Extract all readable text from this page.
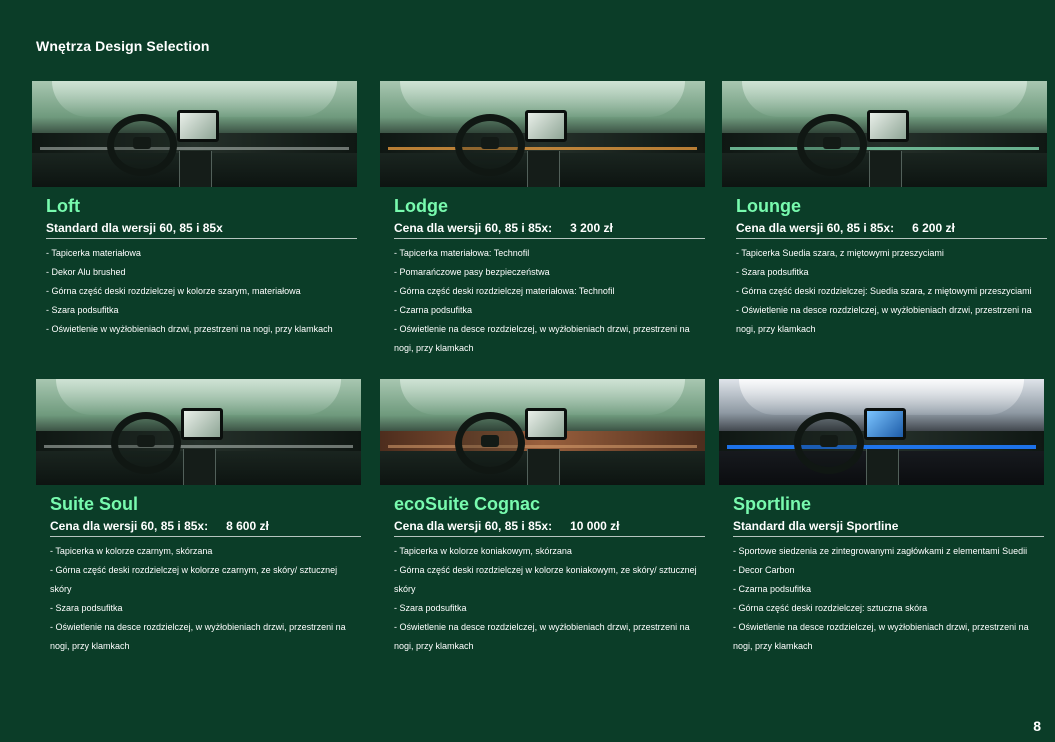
Wnętrza Design Selection
Loft
Standard dla wersji 60, 85 i 85x
- Tapicerka materiałowa
- Dekor Alu brushed
- Górna część deski rozdzielczej w kolorze szarym, materiałowa
- Szara podsufitka
- Oświetlenie w wyżłobieniach drzwi, przestrzeni na nogi, przy klamkach
Lodge
Cena dla wersji 60, 85 i 85x: 3 200 zł
- Tapicerka materiałowa: Technofil
- Pomarańczowe pasy bezpieczeństwa
- Górna część deski rozdzielczej materiałowa: Technofil
- Czarna podsufitka
- Oświetlenie na desce rozdzielczej, w wyżłobieniach drzwi, przestrzeni na nogi, przy klamkach
Lounge
Cena dla wersji 60, 85 i 85x: 6 200 zł
- Tapicerka Suedia szara, z miętowymi przeszyciami
- Szara podsufitka
- Górna część deski rozdzielczej: Suedia szara, z miętowymi przeszyciami
- Oświetlenie na desce rozdzielczej, w wyżłobieniach drzwi, przestrzeni na nogi, przy klamkach
Suite Soul
Cena dla wersji 60, 85 i 85x: 8 600 zł
- Tapicerka w kolorze czarnym, skórzana
- Górna część deski rozdzielczej w kolorze czarnym, ze skóry/ sztucznej skóry
- Szara podsufitka
- Oświetlenie na desce rozdzielczej, w wyżłobieniach drzwi, przestrzeni na nogi, przy klamkach
ecoSuite Cognac
Cena dla wersji 60, 85 i 85x: 10 000 zł
- Tapicerka w kolorze koniakowym, skórzana
- Górna część deski rozdzielczej w kolorze koniakowym, ze skóry/ sztucznej skóry
- Szara podsufitka
- Oświetlenie na desce rozdzielczej, w wyżłobieniach drzwi, przestrzeni na nogi, przy klamkach
Sportline
Standard dla wersji Sportline
- Sportowe siedzenia ze zintegrowanymi zagłówkami z elementami Suedii
- Decor Carbon
- Czarna podsufitka
- Górna część deski rozdzielczej: sztuczna skóra
- Oświetlenie na desce rozdzielczej, w wyżłobieniach drzwi, przestrzeni na nogi, przy klamkach
8
